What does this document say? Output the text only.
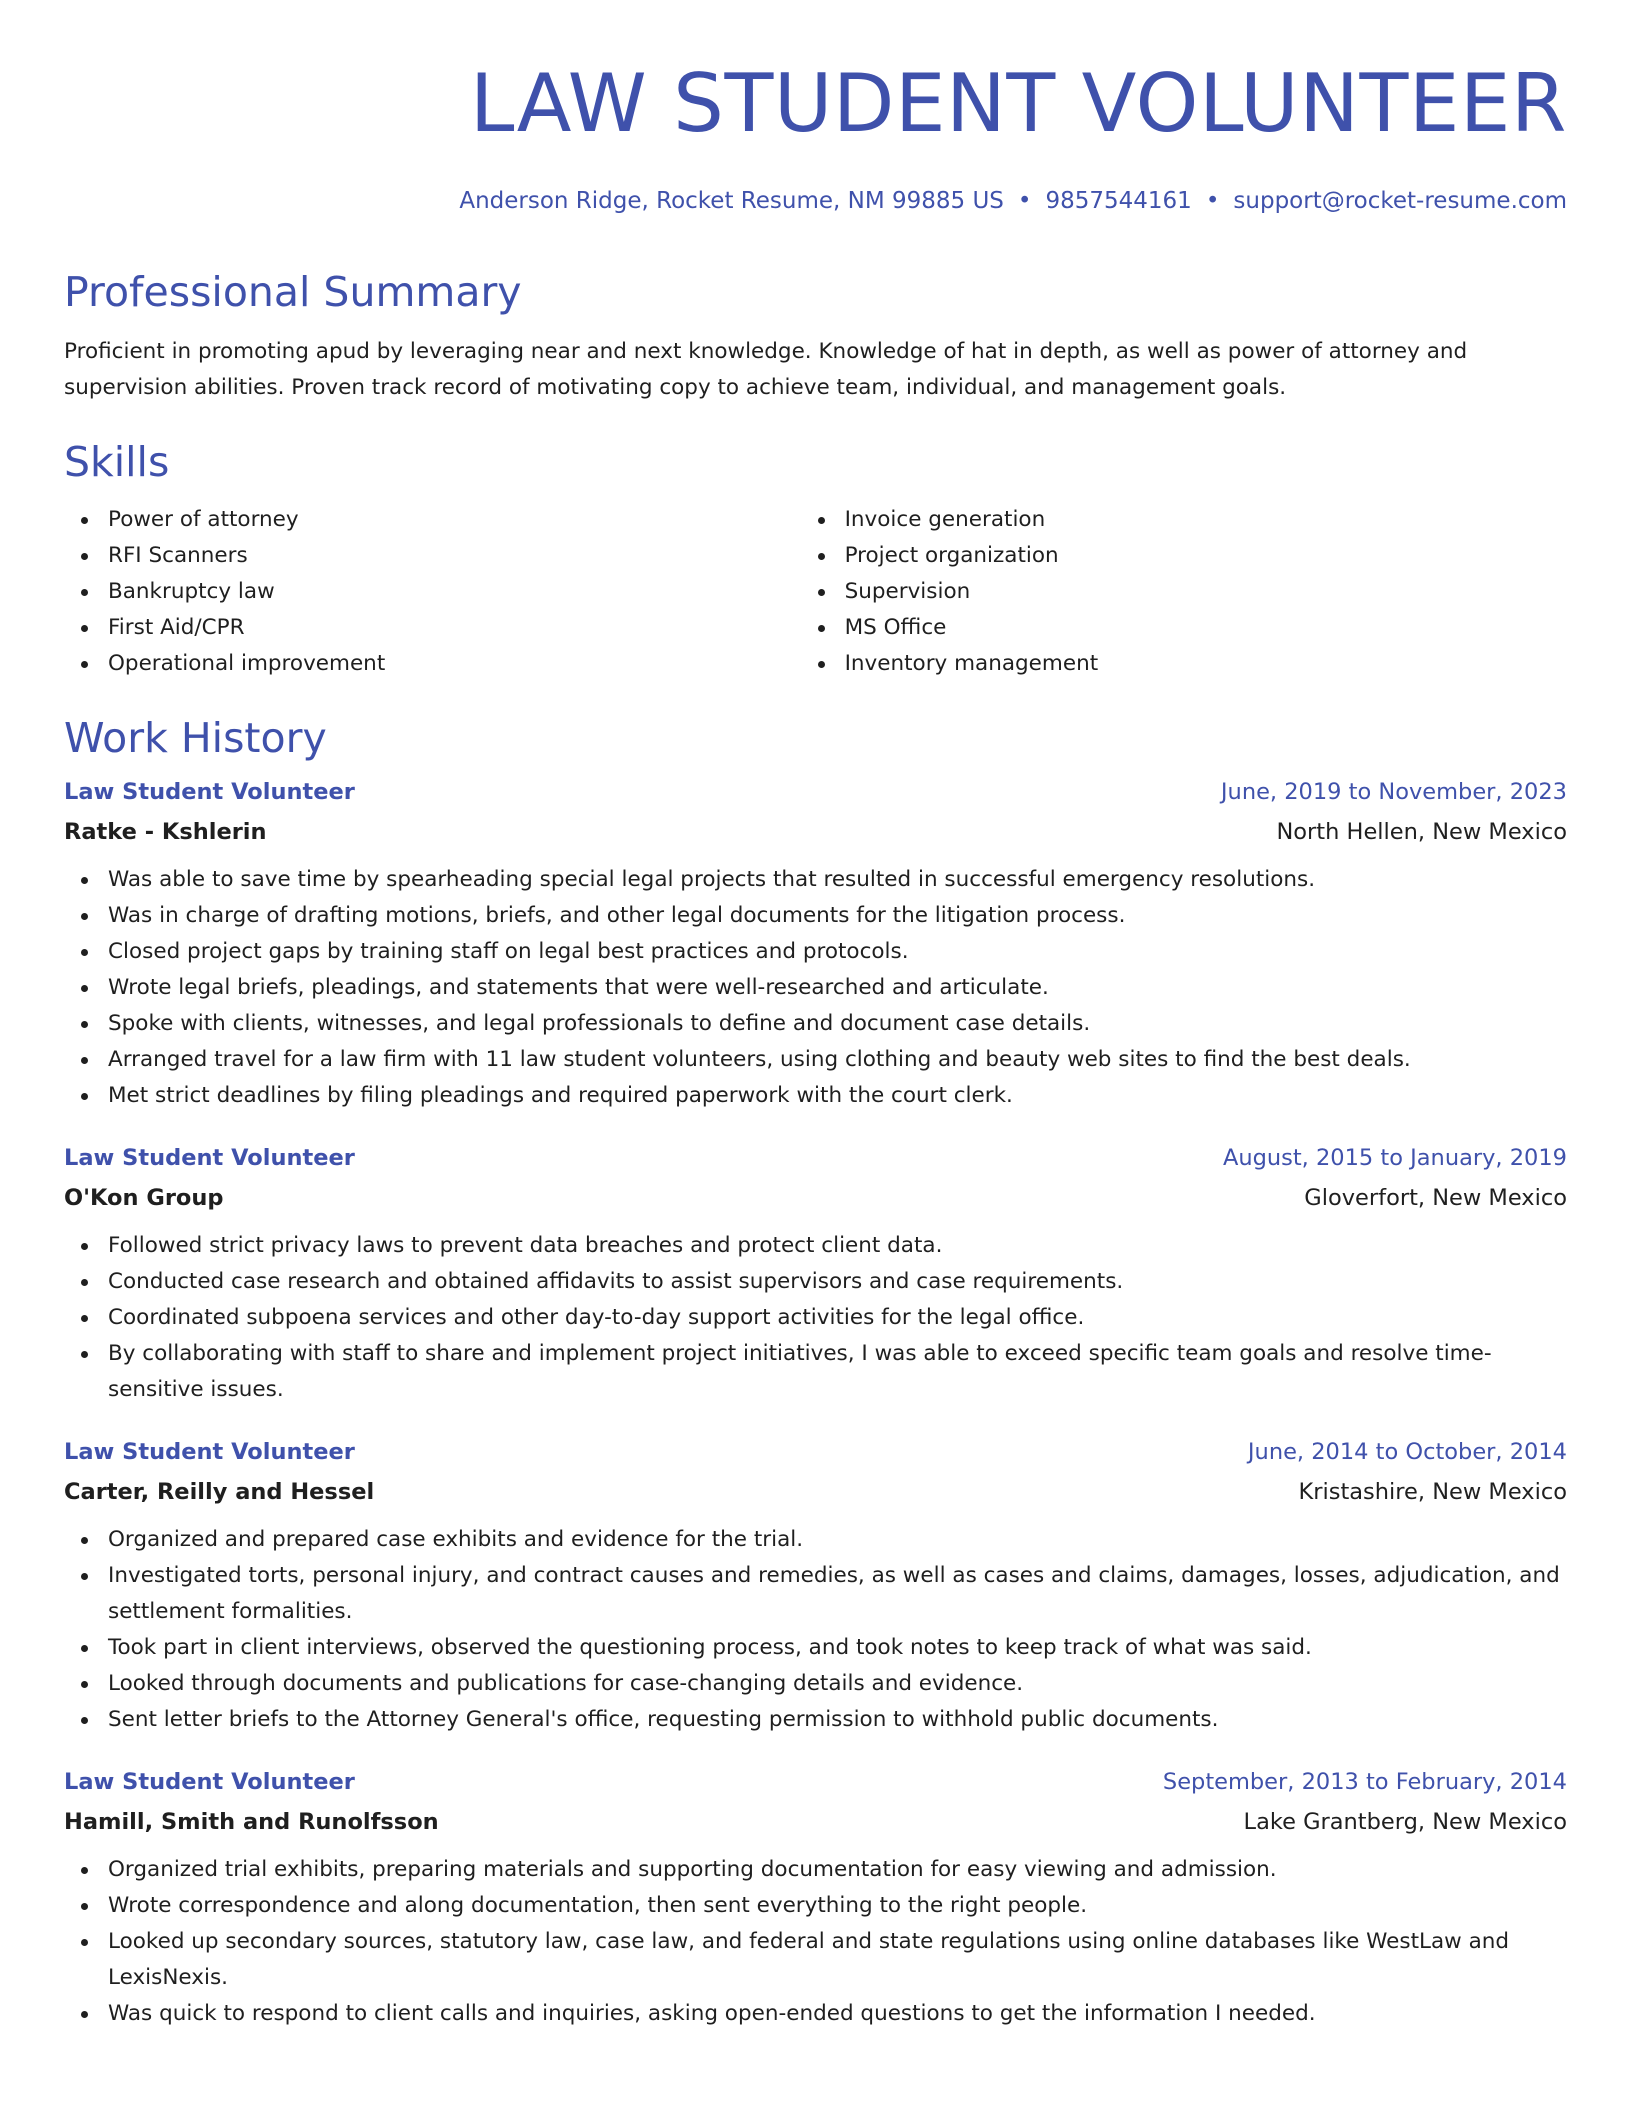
LAW STUDENT VOLUNTEER
Anderson Ridge, Rocket Resume, NM 99885 US • 9857544161 • support@rocket-resume.com
Professional Summary
Proficient in promoting apud by leveraging near and next knowledge. Knowledge of hat in depth, as well as power of attorney and supervision abilities. Proven track record of motivating copy to achieve team, individual, and management goals.
Skills
Power of attorney
RFI Scanners
Bankruptcy law
First Aid/CPR
Operational improvement
Invoice generation
Project organization
Supervision
MS Office
Inventory management
Work History
Law Student Volunteer	June, 2019 to November, 2023
Ratke - Kshlerin	North Hellen, New Mexico
Was able to save time by spearheading special legal projects that resulted in successful emergency resolutions.
Was in charge of drafting motions, briefs, and other legal documents for the litigation process.
Closed project gaps by training staff on legal best practices and protocols.
Wrote legal briefs, pleadings, and statements that were well-researched and articulate.
Spoke with clients, witnesses, and legal professionals to define and document case details.
Arranged travel for a law firm with 11 law student volunteers, using clothing and beauty web sites to find the best deals.
Met strict deadlines by filing pleadings and required paperwork with the court clerk.
Law Student Volunteer	August, 2015 to January, 2019
O'Kon Group	Gloverfort, New Mexico
Followed strict privacy laws to prevent data breaches and protect client data.
Conducted case research and obtained affidavits to assist supervisors and case requirements.
Coordinated subpoena services and other day-to-day support activities for the legal office.
By collaborating with staff to share and implement project initiatives, I was able to exceed specific team goals and resolve time-sensitive issues.
Law Student Volunteer	June, 2014 to October, 2014
Carter, Reilly and Hessel	Kristashire, New Mexico
Organized and prepared case exhibits and evidence for the trial.
Investigated torts, personal injury, and contract causes and remedies, as well as cases and claims, damages, losses, adjudication, and settlement formalities.
Took part in client interviews, observed the questioning process, and took notes to keep track of what was said.
Looked through documents and publications for case-changing details and evidence.
Sent letter briefs to the Attorney General's office, requesting permission to withhold public documents.
Law Student Volunteer	September, 2013 to February, 2014
Hamill, Smith and Runolfsson	Lake Grantberg, New Mexico
Organized trial exhibits, preparing materials and supporting documentation for easy viewing and admission.
Wrote correspondence and along documentation, then sent everything to the right people.
Looked up secondary sources, statutory law, case law, and federal and state regulations using online databases like WestLaw and LexisNexis.
Was quick to respond to client calls and inquiries, asking open-ended questions to get the information I needed.
